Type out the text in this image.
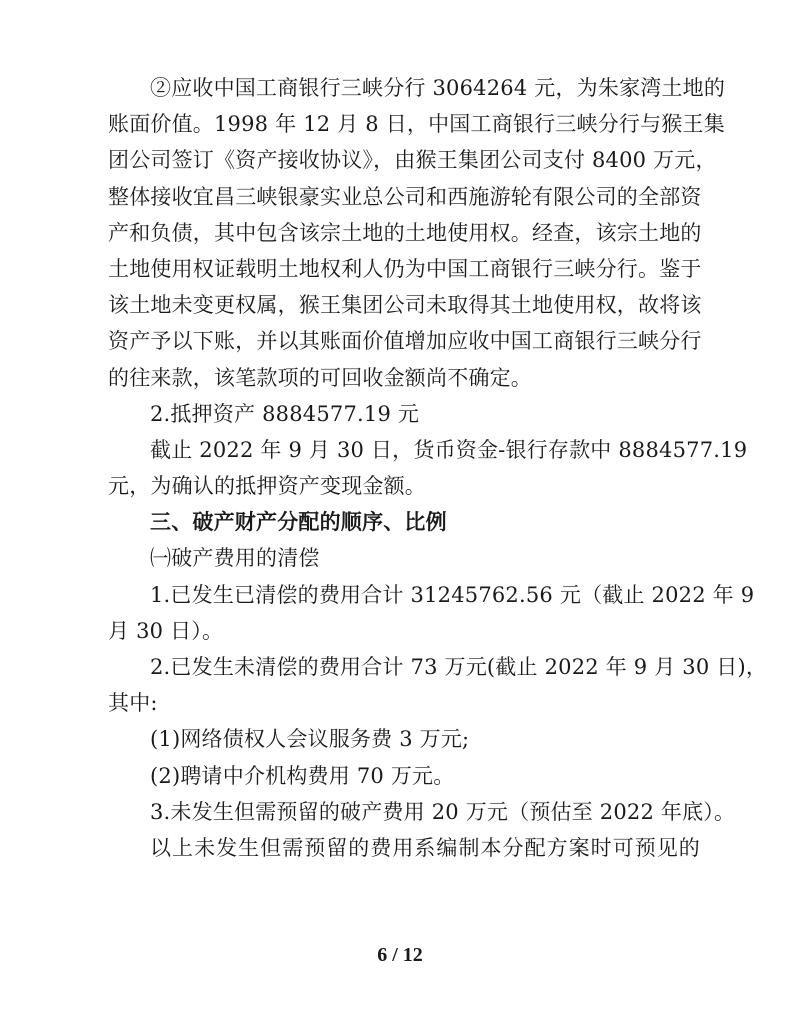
②应收中国工商银行三峡分行 3064264 元，为朱家湾土地的
账面价值。1998 年 12 月 8 日，中国工商银行三峡分行与猴王集
团公司签订《资产接收协议》，由猴王集团公司支付 8400 万元，
整体接收宜昌三峡银豪实业总公司和西施游轮有限公司的全部资
产和负债，其中包含该宗土地的土地使用权。经查，该宗土地的
土地使用权证载明土地权利人仍为中国工商银行三峡分行。鉴于
该土地未变更权属，猴王集团公司未取得其土地使用权，故将该
资产予以下账，并以其账面价值增加应收中国工商银行三峡分行
的往来款，该笔款项的可回收金额尚不确定。
2.抵押资产 8884577.19 元
截止 2022 年 9 月 30 日，货币资金-银行存款中 8884577.19
元，为确认的抵押资产变现金额。
三、破产财产分配的顺序、比例
㈠破产费用的清偿
1.已发生已清偿的费用合计 31245762.56 元（截止 2022 年 9
月 30 日）。
2.已发生未清偿的费用合计 73 万元(截止 2022 年 9 月 30 日)，
其中:
(1)网络债权人会议服务费 3 万元;
(2)聘请中介机构费用 70 万元。
3.未发生但需预留的破产费用 20 万元（预估至 2022 年底）。
以上未发生但需预留的费用系编制本分配方案时可预见的
6 / 12
